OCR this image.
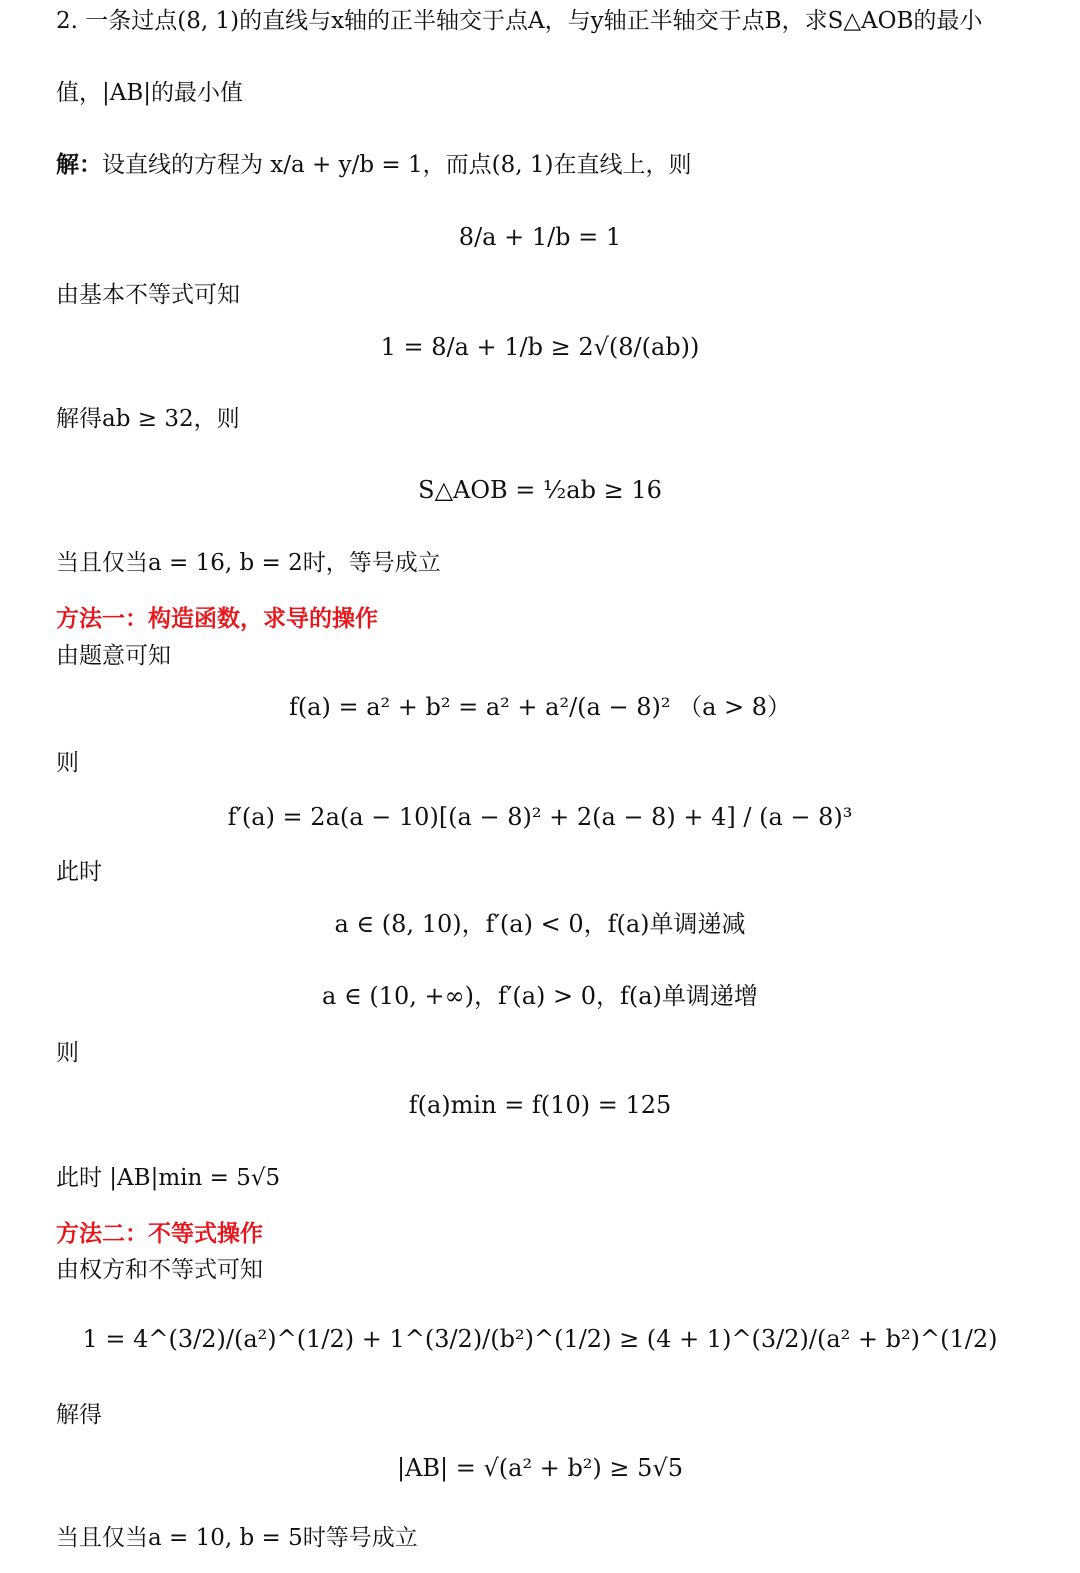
2. 一条过点(8, 1)的直线与x轴的正半轴交于点A，与y轴正半轴交于点B，求S△AOB的最小
值，|AB|的最小值
解：设直线的方程为 x/a + y/b = 1，而点(8, 1)在直线上，则
8/a + 1/b = 1
由基本不等式可知
1 = 8/a + 1/b ≥ 2√(8/(ab))
解得ab ≥ 32，则
S△AOB = ½ab ≥ 16
当且仅当a = 16, b = 2时，等号成立
方法一：构造函数，求导的操作
由题意可知
f(a) = a² + b² = a² + a²/(a − 8)² （a > 8）
则
f′(a) = 2a(a − 10)[(a − 8)² + 2(a − 8) + 4] / (a − 8)³
此时
a ∈ (8, 10)，f′(a) < 0，f(a)单调递减
a ∈ (10, +∞)，f′(a) > 0，f(a)单调递增
则
f(a)min = f(10) = 125
此时 |AB|min = 5√5
方法二：不等式操作
由权方和不等式可知
1 = 4^(3/2)/(a²)^(1/2) + 1^(3/2)/(b²)^(1/2) ≥ (4 + 1)^(3/2)/(a² + b²)^(1/2)
解得
|AB| = √(a² + b²) ≥ 5√5
当且仅当a = 10, b = 5时等号成立
